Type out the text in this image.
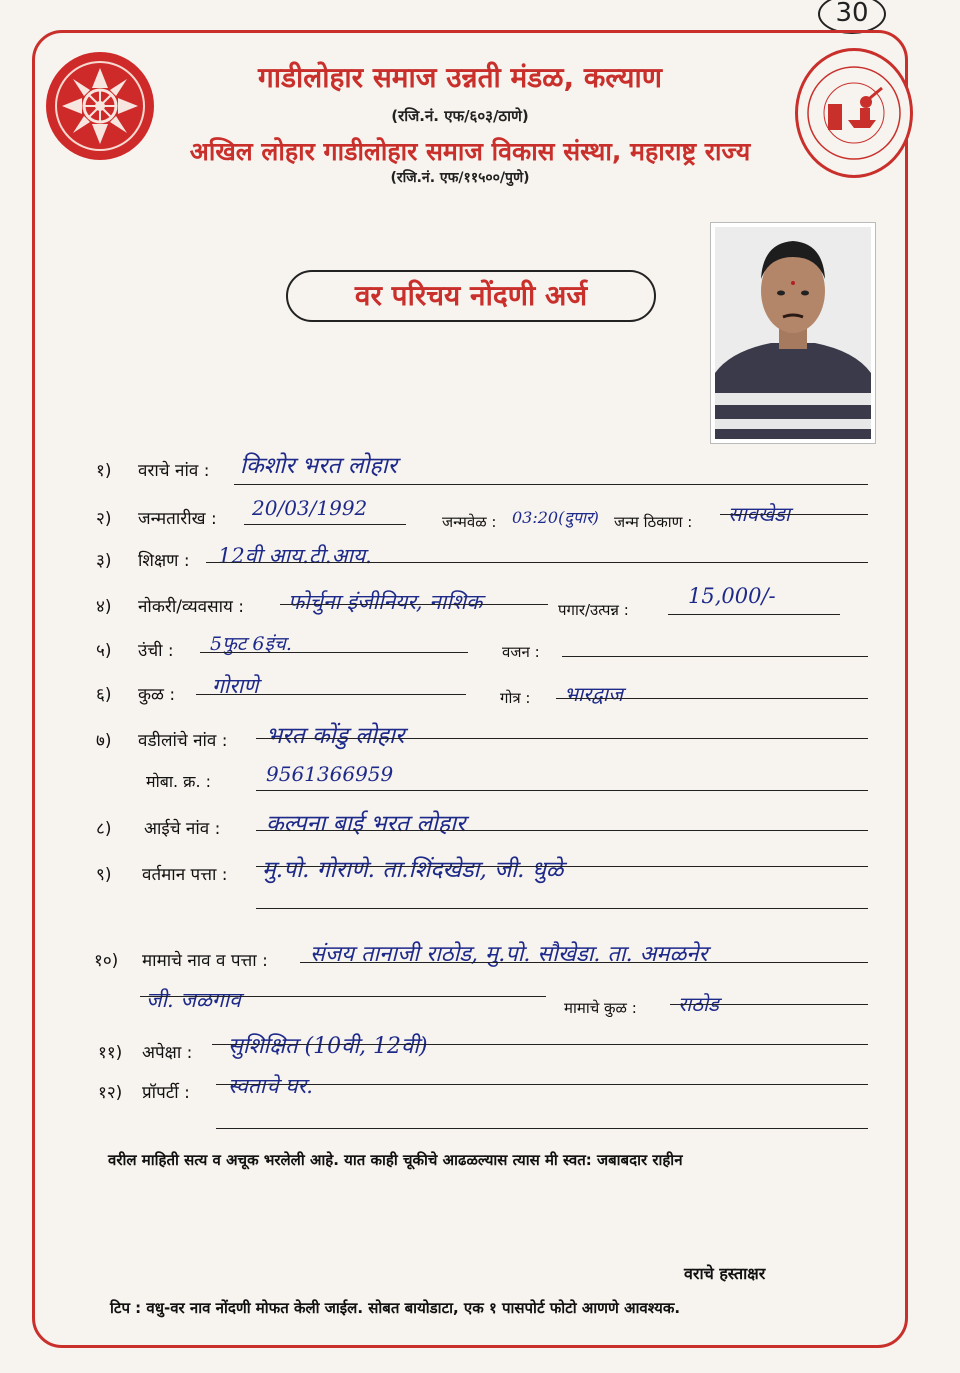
30
गाडीलोहार समाज उन्नती मंडळ, कल्याण
(रजि.नं. एफ/६०३/ठाणे)
अखिल लोहार गाडीलोहार समाज विकास संस्था, महाराष्ट्र राज्य
(रजि.नं. एफ/११५००/पुणे)
वर परिचय नोंदणी अर्ज
१) वराचे नांव : किशोर भरत लोहार
२) जन्मतारीख : 20/03/1992
जन्मवेळ : 03:20(दुपार) जन्म ठिकाण : सावखेडा
३) शिक्षण : 12वी आय.टी.आय.
४) नोकरी/व्यवसाय : फोर्चुना इंजीनियर, नाशिक	पगार/उत्पन्न :
15,000/-
५) उंची : 5फुट 6इंच.	वजन :
६) कुळ : गोराणे	गोत्र : भारद्वाज
७) वडीलांचे नांव : भरत कोंडु लोहार
मोबा. क्र. :	9561366959
८) आईचे नांव : कल्पना बाई भरत लोहार
९) वर्तमान पत्ता : मु.पो. गोराणे. ता.शिंदखेडा, जी. धुळे
१०) मामाचे नाव व पत्ता : संजय तानाजी राठोड, मु.पो. सौखेडा. ता. अमळनेर
जी. जळगाव	मामाचे कुळ : राठोड
११) अपेक्षा : सुशिक्षित (10वी, 12वी)
१२) प्रॉपर्टी : स्वताचे घर.
वरील माहिती सत्य व अचूक भरलेली आहे. यात काही चूकीचे आढळल्यास त्यास मी स्वत: जबाबदार राहीन
वराचे हस्ताक्षर
टिप : वधु-वर नाव नोंदणी मोफत केली जाईल. सोबत बायोडाटा, एक १ पासपोर्ट फोटो आणणे आवश्यक.
